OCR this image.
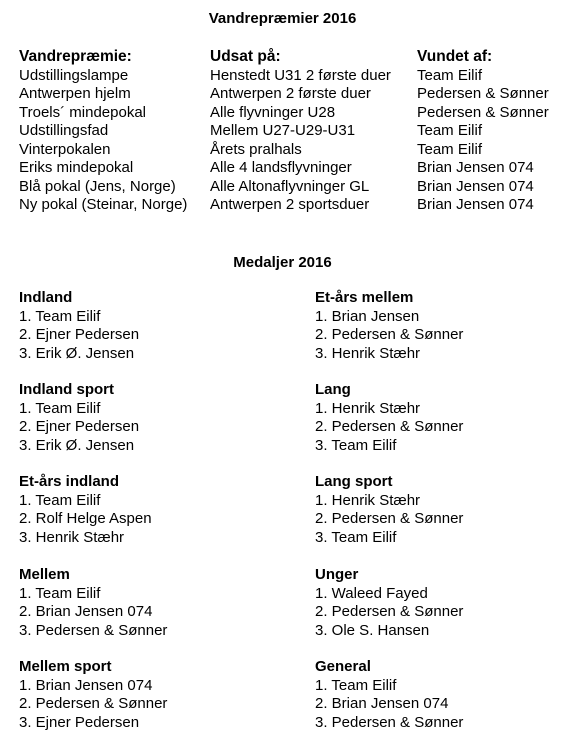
Vandrepræmier 2016
Vandrepræmie:
Udstillingslampe
Antwerpen hjelm
Troels´ mindepokal
Udstillingsfad
Vinterpokalen
Eriks mindepokal
Blå pokal (Jens, Norge)
Ny pokal (Steinar, Norge)
Udsat på:
Henstedt U31 2 første duer
Antwerpen 2 første duer
Alle flyvninger U28
Mellem U27-U29-U31
Årets pralhals
Alle 4 landsflyvninger
Alle Altonaflyvninger GL
Antwerpen 2 sportsduer
Vundet af:
Team Eilif
Pedersen & Sønner
Pedersen & Sønner
Team Eilif
Team Eilif
Brian Jensen 074
Brian Jensen 074
Brian Jensen 074
Medaljer 2016
Indland
1. Team Eilif
2. Ejner Pedersen
3. Erik Ø. Jensen
Indland sport
1. Team Eilif
2. Ejner Pedersen
3. Erik Ø. Jensen
Et-års indland
1. Team Eilif
2. Rolf Helge Aspen
3. Henrik Stæhr
Mellem
1. Team Eilif
2. Brian Jensen 074
3. Pedersen & Sønner
Mellem sport
1. Brian Jensen 074
2. Pedersen & Sønner
3. Ejner Pedersen
Et-års mellem
1. Brian Jensen
2. Pedersen & Sønner
3. Henrik Stæhr
Lang
1. Henrik Stæhr
2. Pedersen & Sønner
3. Team Eilif
Lang sport
1. Henrik Stæhr
2. Pedersen & Sønner
3. Team Eilif
Unger
1. Waleed Fayed
2. Pedersen & Sønner
3. Ole S. Hansen
General
1. Team Eilif
2. Brian Jensen 074
3. Pedersen & Sønner
